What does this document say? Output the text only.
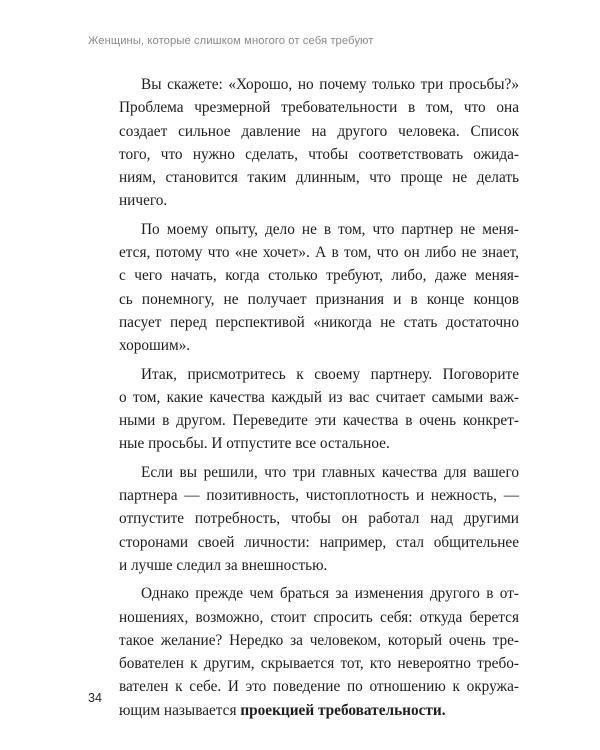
Женщины, которые слишком многого от себя требуют
Вы скажете: «Хорошо, но почему только три просьбы?»
Проблема чрезмерной требовательности в том, что она
создает сильное давление на другого человека. Список
того, что нужно сделать, чтобы соответствовать ожида-
ниям, становится таким длинным, что проще не делать
ничего.
По моему опыту, дело не в том, что партнер не меня-
ется, потому что «не хочет». А в том, что он либо не знает,
с чего начать, когда столько требуют, либо, даже меняя-
сь понемногу, не получает признания и в конце концов
пасует перед перспективой «никогда не стать достаточно
хорошим».
Итак, присмотритесь к своему партнеру. Поговорите
о том, какие качества каждый из вас считает самыми важ-
ными в другом. Переведите эти качества в очень конкрет-
ные просьбы. И отпустите все остальное.
Если вы решили, что три главных качества для вашего
партнера — позитивность, чистоплотность и нежность, —
отпустите потребность, чтобы он работал над другими
сторонами своей личности: например, стал общительнее
и лучше следил за внешностью.
Однако прежде чем браться за изменения другого в от-
ношениях, возможно, стоит спросить себя: откуда берется
такое желание? Нередко за человеком, который очень тре-
бователен к другим, скрывается тот, кто невероятно требо-
вателен к себе. И это поведение по отношению к окружа-
ющим называется проекцией требовательности.
34
